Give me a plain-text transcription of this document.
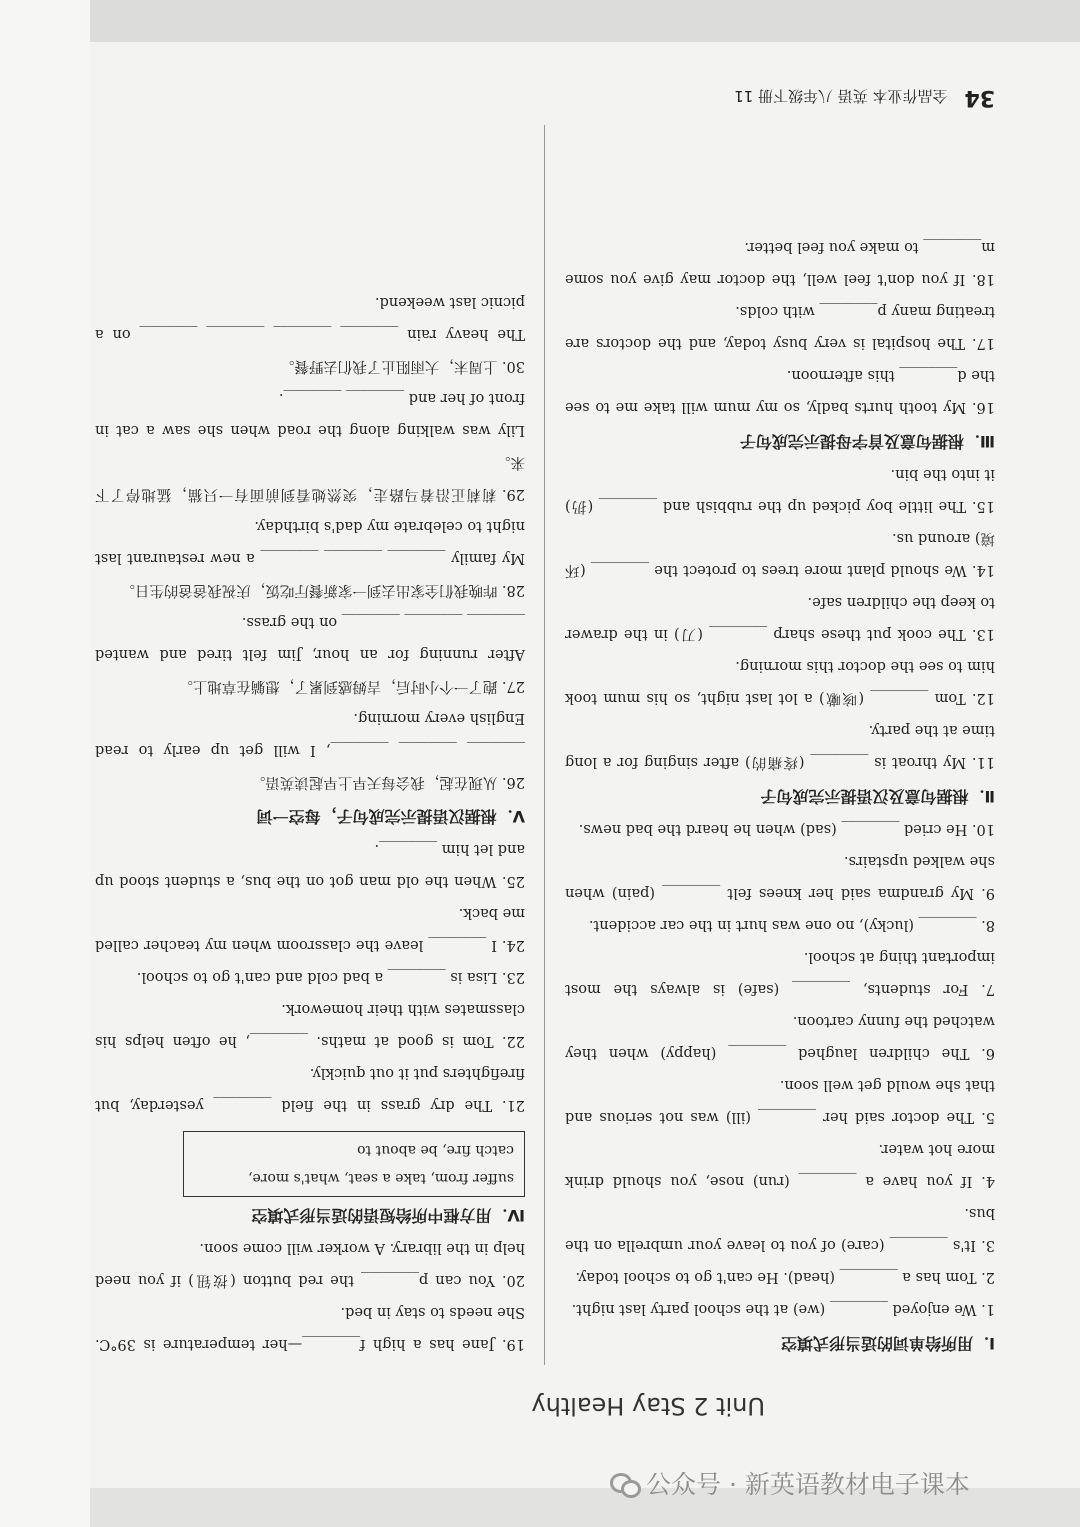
Unit 2 Stay Healthy
Ⅰ．用所给单词的适当形式填空

1. We enjoyed ________ (we) at the school party last night.

2. Tom has a ________ (head). He can't go to school today.

3. It's ________ (care) of you to leave your umbrella on the bus.

4. If you have a ________ (run) nose, you should drink more hot water.

5. The doctor said her ________ (ill) was not serious and that she would get well soon.

6. The children laughed ________ (happy) when they watched the funny cartoon.

7. For students, ________ (safe) is always the most important thing at school.

8. ________ (lucky), no one was hurt in the car accident.

9. My grandma said her knees felt ________ (pain) when she walked upstairs.

10. He cried ________ (sad) when he heard the bad news.

Ⅱ．根据句意及汉语提示完成句子

11. My throat is ________ (疼痛的) after singing for a long time at the party.

12. Tom ________ (咳嗽) a lot last night, so his mum took him to see the doctor this morning.

13. The cook put these sharp ________ (刀) in the drawer to keep the children safe.

14. We should plant more trees to protect the ________ (环境) around us.

15. The little boy picked up the rubbish and ________ (扔) it into the bin.

Ⅲ．根据句意及首字母提示完成句子

16. My tooth hurts badly, so my mum will take me to see the d________ this afternoon.

17. The hospital is very busy today, and the doctors are treating many p________ with colds.

18. If you don't feel well, the doctor may give you some m________ to make you feel better.

19. Jane has a high f________—her temperature is 39°C. She needs to stay in bed.

20. You can p________ the red button (按钮) if you need help in the library. A worker will come soon.

Ⅳ．用方框中所给短语的适当形式填空
suffer from, take a seat, what's more,
catch fire, be about to

21. The dry grass in the field ________ yesterday, but firefighters put it out quickly.

22. Tom is good at maths. ________, he often helps his classmates with their homework.

23. Lisa is ________ a bad cold and can't go to school.

24. I ________ leave the classroom when my teacher called me back.

25. When the old man got on the bus, a student stood up and let him ________.

Ⅴ．根据汉语提示完成句子，每空一词

26. 从现在起，我会每天早上早起读英语。

________ ________ ________, I will get up early to read English every morning.

27. 跑了一个小时后，吉姆感到累了，想躺在草地上。

After running for an hour, Jim felt tired and wanted ________ ________ ________ on the grass.

28. 昨晚我们全家出去到一家新餐厅吃饭，庆祝我爸爸的生日。

My family ________ ________ ________ a new restaurant last night to celebrate my dad's birthday.

29. 莉莉正沿着马路走，突然她看到前面有一只猫，猛地停了下来。

Lily was walking along the road when she saw a cat in front of her and ________ ________.

30. 上周末，大雨阻止了我们去野餐。

The heavy rain ________ ________ ________ ________ on a picnic last weekend.

34 全品作业本 英语 八年级下册 11
公众号 · 新英语教材电子课本
